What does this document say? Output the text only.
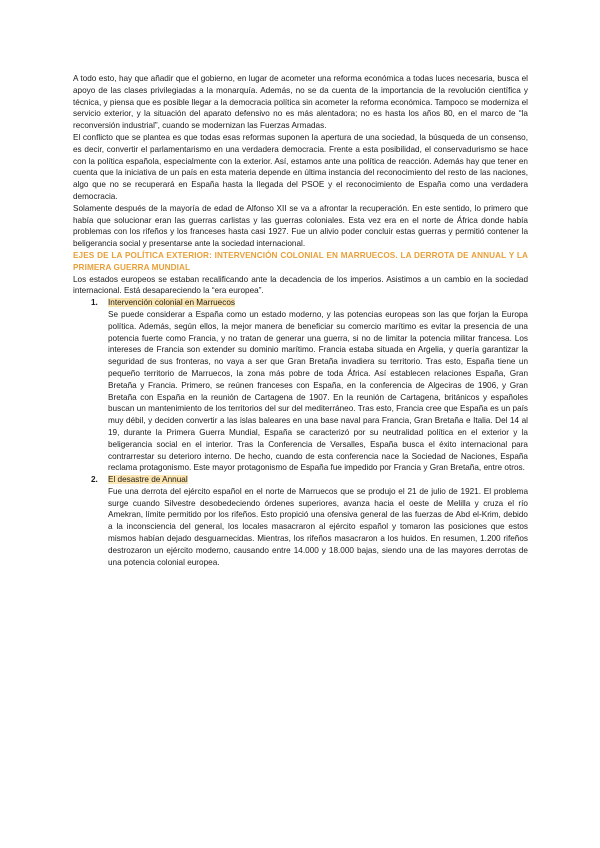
A todo esto, hay que añadir que el gobierno, en lugar de acometer una reforma económica a todas luces necesaria, busca el apoyo de las clases privilegiadas a la monarquía. Además, no se da cuenta de la importancia de la revolución científica y técnica, y piensa que es posible llegar a la democracia política sin acometer la reforma económica. Tampoco se moderniza el servicio exterior, y la situación del aparato defensivo no es más alentadora; no es hasta los años 80, en el marco de “la reconversión industrial”, cuando se modernizan las Fuerzas Armadas.

El conflicto que se plantea es que todas esas reformas suponen la apertura de una sociedad, la búsqueda de un consenso, es decir, convertir el parlamentarismo en una verdadera democracia. Frente a esta posibilidad, el conservadurismo se hace con la política española, especialmente con la exterior. Así, estamos ante una política de reacción. Además hay que tener en cuenta que la iniciativa de un país en esta materia depende en última instancia del reconocimiento del resto de las naciones, algo que no se recuperará en España hasta la llegada del PSOE y el reconocimiento de España como una verdadera democracia.

Solamente después de la mayoría de edad de Alfonso XII se va a afrontar la recuperación. En este sentido, lo primero que había que solucionar eran las guerras carlistas y las guerras coloniales. Esta vez era en el norte de África donde había problemas con los rifeños y los franceses hasta casi 1927. Fue un alivio poder concluir estas guerras y permitió contener la beligerancia social y presentarse ante la sociedad internacional.

EJES DE LA POLÍTICA EXTERIOR: INTERVENCIÓN COLONIAL EN MARRUECOS. LA DERROTA DE ANNUAL Y LA PRIMERA GUERRA MUNDIAL

Los estados europeos se estaban recalificando ante la decadencia de los imperios. Asistimos a un cambio en la sociedad internacional. Está desapareciendo la “era europea”.

1. Intervención colonial en Marruecos

Se puede considerar a España como un estado moderno, y las potencias europeas son las que forjan la Europa política. Además, según ellos, la mejor manera de beneficiar su comercio marítimo es evitar la presencia de una potencia fuerte como Francia, y no tratan de generar una guerra, si no de limitar la potencia militar francesa. Los intereses de Francia son extender su dominio marítimo. Francia estaba situada en Argelia, y quería garantizar la seguridad de sus fronteras, no vaya a ser que Gran Bretaña invadiera su territorio. Tras esto, España tiene un pequeño territorio de Marruecos, la zona más pobre de toda África. Así establecen relaciones España, Gran Bretaña y Francia. Primero, se reúnen franceses con España, en la conferencia de Algeciras de 1906, y Gran Bretaña con España en la reunión de Cartagena de 1907. En la reunión de Cartagena, británicos y españoles buscan un mantenimiento de los territorios del sur del mediterráneo. Tras esto, Francia cree que España es un país muy débil, y deciden convertir a las islas baleares en una base naval para Francia, Gran Bretaña e Italia. Del 14 al 19, durante la Primera Guerra Mundial, España se caracterizó por su neutralidad política en el exterior y la beligerancia social en el interior. Tras la Conferencia de Versalles, España busca el éxito internacional para contrarrestar su deterioro interno. De hecho, cuando de esta conferencia nace la Sociedad de Naciones, España reclama protagonismo. Este mayor protagonismo de España fue impedido por Francia y Gran Bretaña, entre otros.

2. El desastre de Annual

Fue una derrota del ejército español en el norte de Marruecos que se produjo el 21 de julio de 1921. El problema surge cuando Silvestre desobedeciendo órdenes superiores, avanza hacia el oeste de Melilla y cruza el río Amekran, límite permitido por los rifeños. Esto propició una ofensiva general de las fuerzas de Abd el-Krim, debido a la inconsciencia del general, los locales masacraron al ejército español y tomaron las posiciones que estos mismos habían dejado desguarnecidas. Mientras, los rifeños masacraron a los huidos. En resumen, 1.200 rifeños destrozaron un ejército moderno, causando entre 14.000 y 18.000 bajas, siendo una de las mayores derrotas de una potencia colonial europea.
